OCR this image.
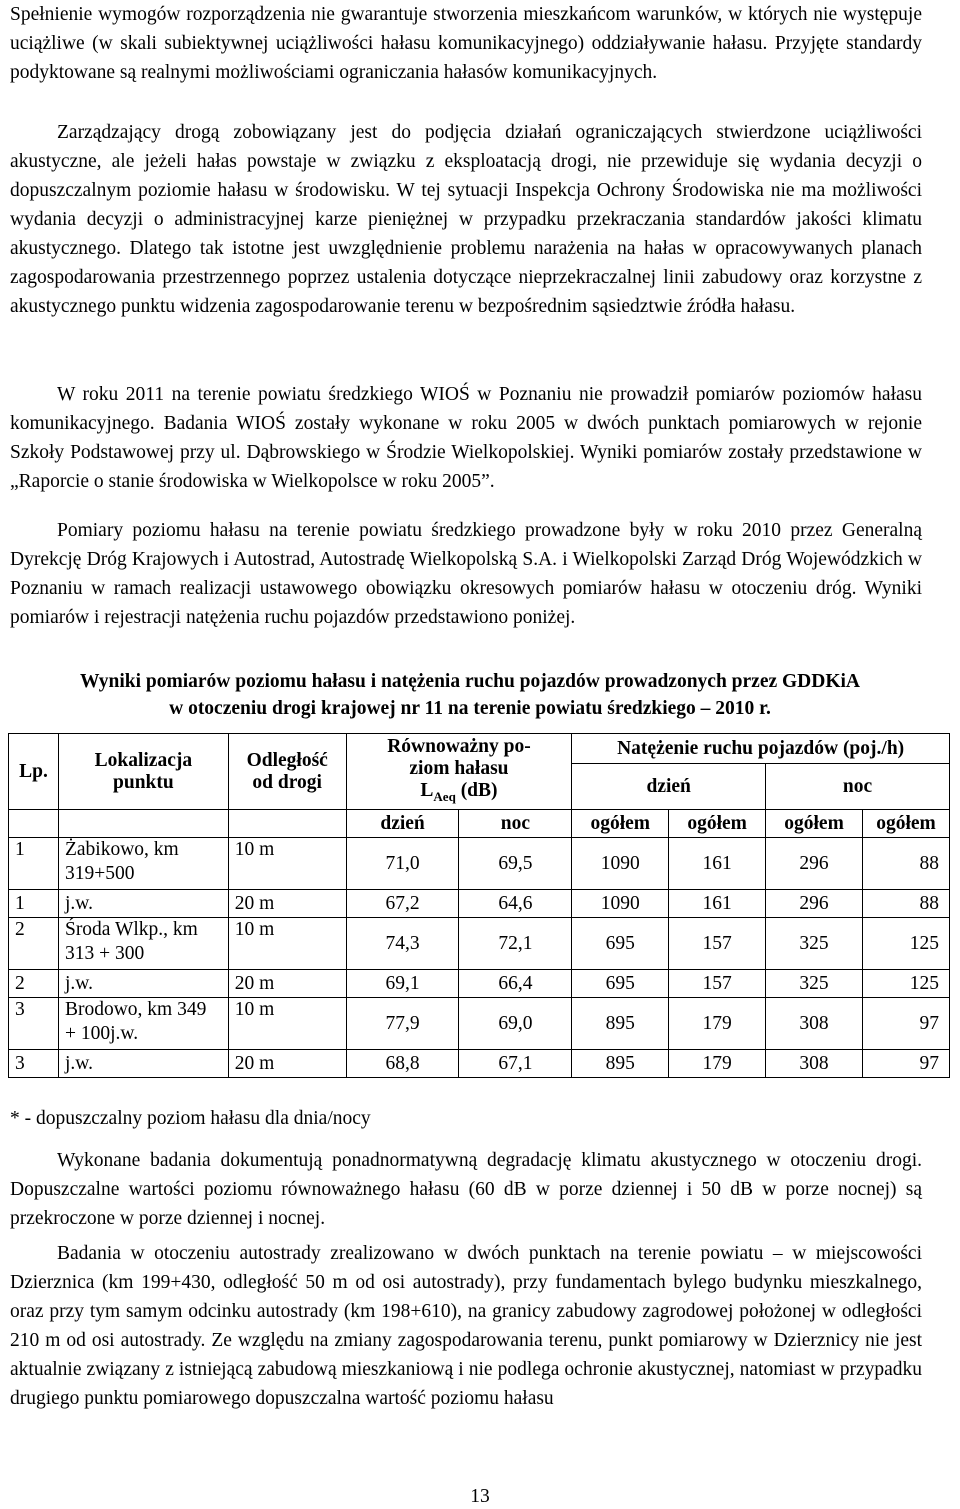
Spełnienie wymogów rozporządzenia nie gwarantuje stworzenia mieszkańcom warunków, w których nie występuje uciążliwe (w skali subiektywnej uciążliwości hałasu komunikacyjnego) oddziaływanie hałasu. Przyjęte standardy podyktowane są realnymi możliwościami ograniczania hałasów komunikacyjnych.

Zarządzający drogą zobowiązany jest do podjęcia działań ograniczających stwierdzone uciążliwości akustyczne, ale jeżeli hałas powstaje w związku z eksploatacją drogi, nie przewiduje się wydania decyzji o dopuszczalnym poziomie hałasu w środowisku. W tej sytuacji Inspekcja Ochrony Środowiska nie ma możliwości wydania decyzji o administracyjnej karze pieniężnej w przypadku przekraczania standardów jakości klimatu akustycznego. Dlatego tak istotne jest uwzględnienie problemu narażenia na hałas w opracowywanych planach zagospodarowania przestrzennego poprzez ustalenia dotyczące nieprzekraczalnej linii zabudowy oraz korzystne z akustycznego punktu widzenia zagospodarowanie terenu w bezpośrednim sąsiedztwie źródła hałasu.

W roku 2011 na terenie powiatu średzkiego WIOŚ w Poznaniu nie prowadził pomiarów poziomów hałasu komunikacyjnego. Badania WIOŚ zostały wykonane w roku 2005 w dwóch punktach pomiarowych w rejonie Szkoły Podstawowej przy ul. Dąbrowskiego w Środzie Wielkopolskiej. Wyniki pomiarów zostały przedstawione w „Raporcie o stanie środowiska w Wielkopolsce w roku 2005”.

Pomiary poziomu hałasu na terenie powiatu średzkiego prowadzone były w roku 2010 przez Generalną Dyrekcję Dróg Krajowych i Autostrad, Autostradę Wielkopolską S.A. i Wielkopolski Zarząd Dróg Wojewódzkich w Poznaniu w ramach realizacji ustawowego obowiązku okresowych pomiarów hałasu w otoczeniu dróg. Wyniki pomiarów i rejestracji natężenia ruchu pojazdów przedstawiono poniżej.

Wyniki pomiarów poziomu hałasu i natężenia ruchu pojazdów prowadzonych przez GDDKiA

w otoczeniu drogi krajowej nr 11 na terenie powiatu średzkiego – 2010 r.

Lp.	Lokalizacja punktu	Odległość od drogi	Równoważny po-
ziom hałasu
$L_{Aeq}$ (dB)		Natężenie ruchu pojazdów (poj./h)			
					dzień		noc	
			dzień	noc	ogółem	ogółem	ogółem	ogółem
1	Żabikowo, km 319+500	10 m	71,0	69,5	1090	161	296	88
1	j.w.	20 m	67,2	64,6	1090	161	296	88
2	Środa Wlkp., km 313 + 300	10 m	74,3	72,1	695	157	325	125
2	j.w.	20 m	69,1	66,4	695	157	325	125
3	Brodowo, km 349 + 100j.w.	10 m	77,9	69,0	895	179	308	97
3	j.w.	20 m	68,8	67,1	895	179	308	97
* - dopuszczalny poziom hałasu dla dnia/nocy

Wykonane badania dokumentują ponadnormatywną degradację klimatu akustycznego w otoczeniu drogi. Dopuszczalne wartości poziomu równoważnego hałasu (60 dB w porze dziennej i 50 dB w porze nocnej) są przekroczone w porze dziennej i nocnej.

Badania w otoczeniu autostrady zrealizowano w dwóch punktach na terenie powiatu – w miejscowości Dzierznica (km 199+430, odległość 50 m od osi autostrady), przy fundamentach bylego budynku mieszkalnego, oraz przy tym samym odcinku autostrady (km 198+610), na granicy zabudowy zagrodowej położonej w odległości 210 m od osi autostrady. Ze względu na zmiany zagospodarowania terenu, punkt pomiarowy w Dzierznicy nie jest aktualnie związany z istniejącą zabudową mieszkaniową i nie podlega ochronie akustycznej, natomiast w przypadku drugiego punktu pomiarowego dopuszczalna wartość poziomu hałasu

13
